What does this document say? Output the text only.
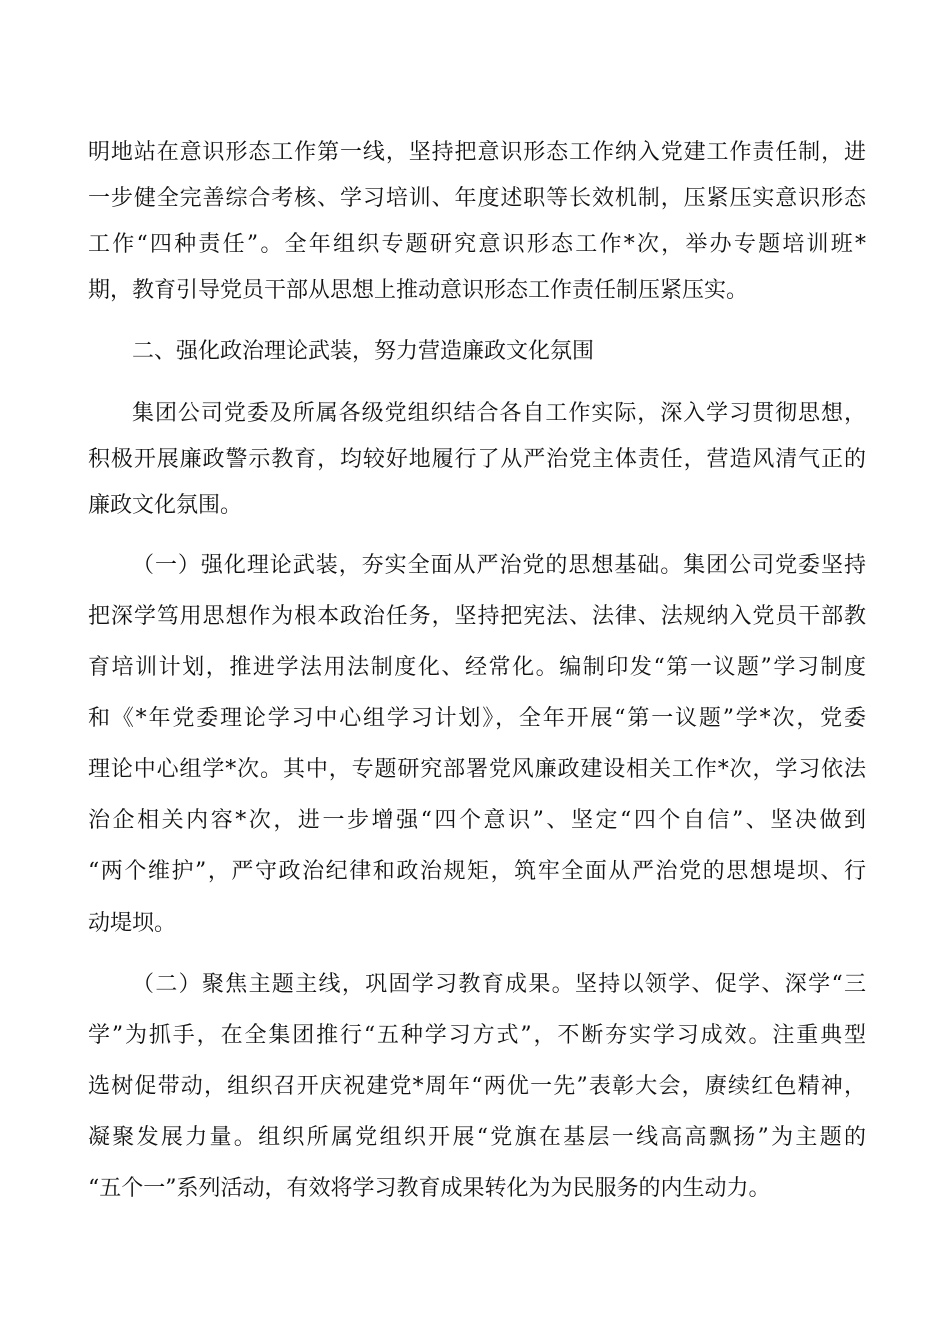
明地站在意识形态工作第一线，坚持把意识形态工作纳入党建工作责任制，进
一步健全完善综合考核、学习培训、年度述职等长效机制，压紧压实意识形态
工作“四种责任”。全年组织专题研究意识形态工作*次，举办专题培训班*
期，教育引导党员干部从思想上推动意识形态工作责任制压紧压实。
二、强化政治理论武装，努力营造廉政文化氛围
集团公司党委及所属各级党组织结合各自工作实际，深入学习贯彻思想，
积极开展廉政警示教育，均较好地履行了从严治党主体责任，营造风清气正的
廉政文化氛围。
（一）强化理论武装，夯实全面从严治党的思想基础。集团公司党委坚持
把深学笃用思想作为根本政治任务，坚持把宪法、法律、法规纳入党员干部教
育培训计划，推进学法用法制度化、经常化。编制印发“第一议题”学习制度
和《*年党委理论学习中心组学习计划》，全年开展“第一议题”学*次，党委
理论中心组学*次。其中，专题研究部署党风廉政建设相关工作*次，学习依法
治企相关内容*次，进一步增强“四个意识”、坚定“四个自信”、坚决做到
“两个维护”，严守政治纪律和政治规矩，筑牢全面从严治党的思想堤坝、行
动堤坝。
（二）聚焦主题主线，巩固学习教育成果。坚持以领学、促学、深学“三
学”为抓手，在全集团推行“五种学习方式”，不断夯实学习成效。注重典型
选树促带动，组织召开庆祝建党*周年“两优一先”表彰大会，赓续红色精神，
凝聚发展力量。组织所属党组织开展“党旗在基层一线高高飘扬”为主题的
“五个一”系列活动，有效将学习教育成果转化为为民服务的内生动力。
